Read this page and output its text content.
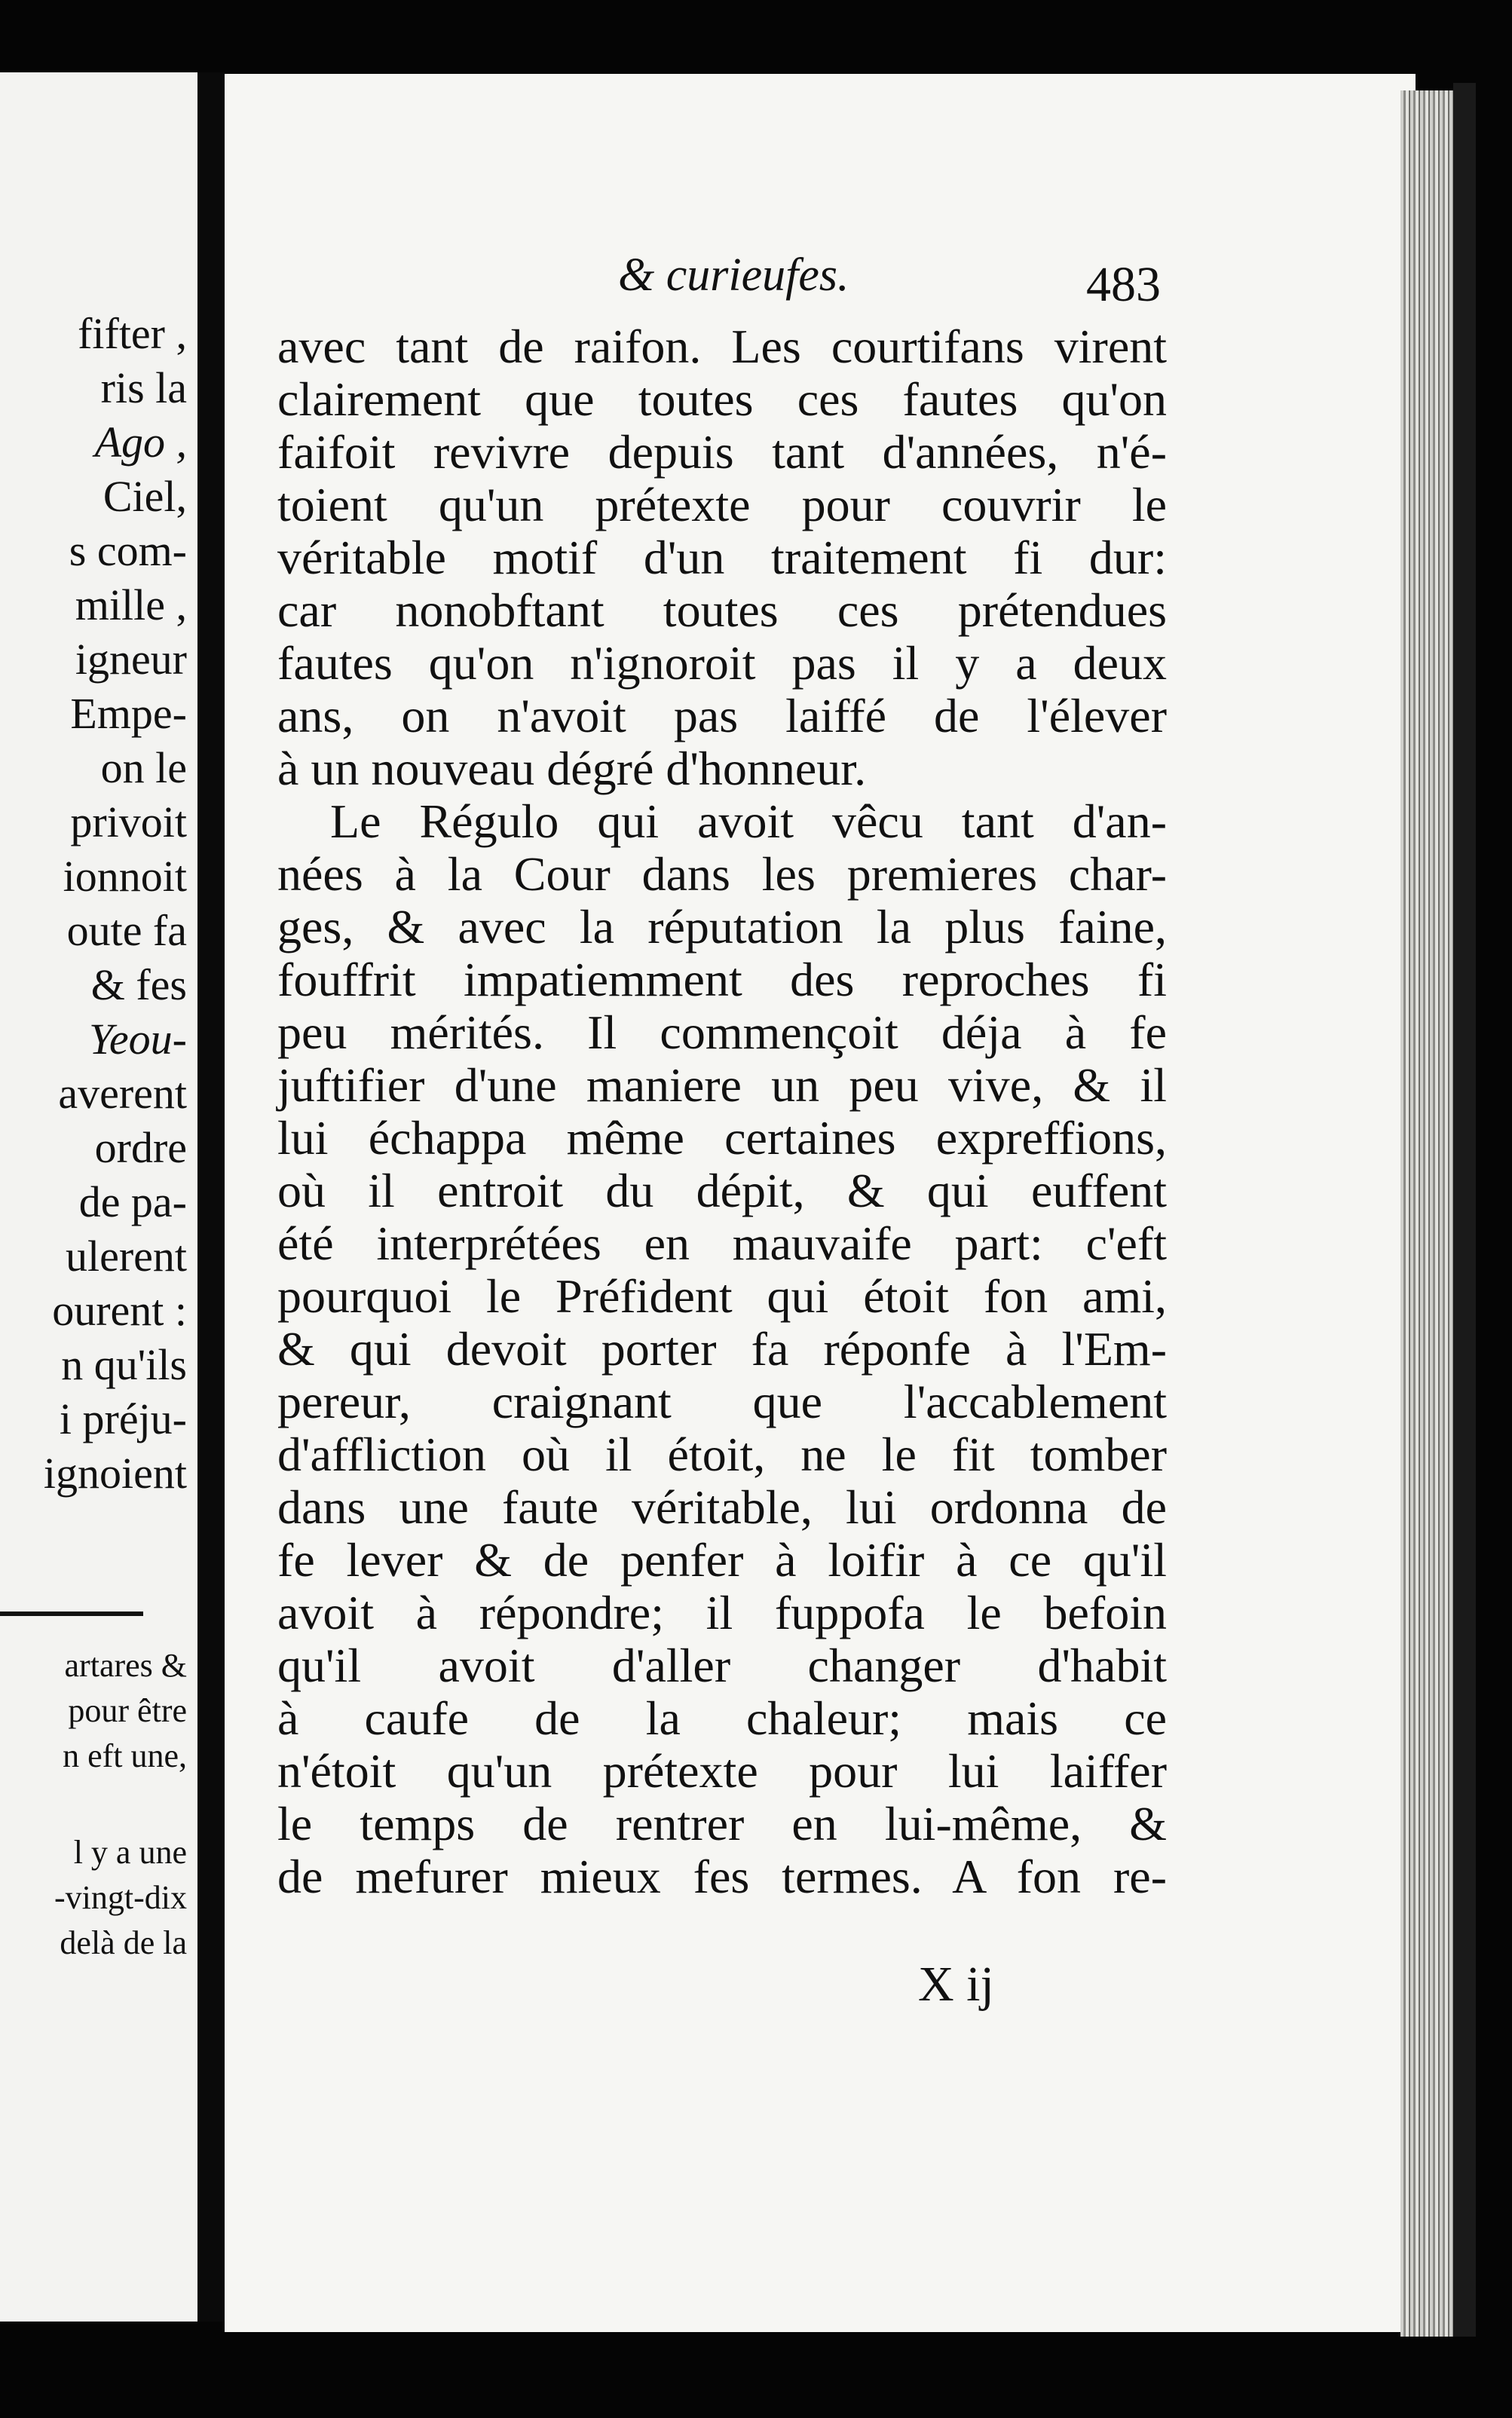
fifter ,
ris la
Ago ,
Ciel,
s com-
mille ,
igneur
Empe-
on le
privoit
ionnoit
oute fa
& fes
Yeou-
averent
ordre
de pa-
ulerent
ourent :
n qu'ils
i préju-
ignoient
artares &
pour être
n eft une,
l y a une
-vingt-dix
delà de la
& curieufes.	483
avec tant de raifon. Les courtifans virent
clairement que toutes ces fautes qu'on
faifoit revivre depuis tant d'années, n'é-
toient qu'un prétexte pour couvrir le
véritable motif d'un traitement fi dur:
car nonobftant toutes ces prétendues
fautes qu'on n'ignoroit pas il y a deux
ans, on n'avoit pas laiffé de l'élever
à un nouveau dégré d'honneur.
Le Régulo qui avoit vêcu tant d'an-
nées à la Cour dans les premieres char-
ges, & avec la réputation la plus faine,
fouffrit impatiemment des reproches fi
peu mérités. Il commençoit déja à fe
juftifier d'une maniere un peu vive, & il
lui échappa même certaines expreffions,
où il entroit du dépit, & qui euffent
été interprétées en mauvaife part: c'eft
pourquoi le Préfident qui étoit fon ami,
& qui devoit porter fa réponfe à l'Em-
pereur, craignant que l'accablement
d'affliction où il étoit, ne le fit tomber
dans une faute véritable, lui ordonna de
fe lever & de penfer à loifir à ce qu'il
avoit à répondre; il fuppofa le befoin
qu'il avoit d'aller changer d'habit
à caufe de la chaleur; mais ce
n'étoit qu'un prétexte pour lui laiffer
le temps de rentrer en lui-même, &
de mefurer mieux fes termes. A fon re-
X ij
